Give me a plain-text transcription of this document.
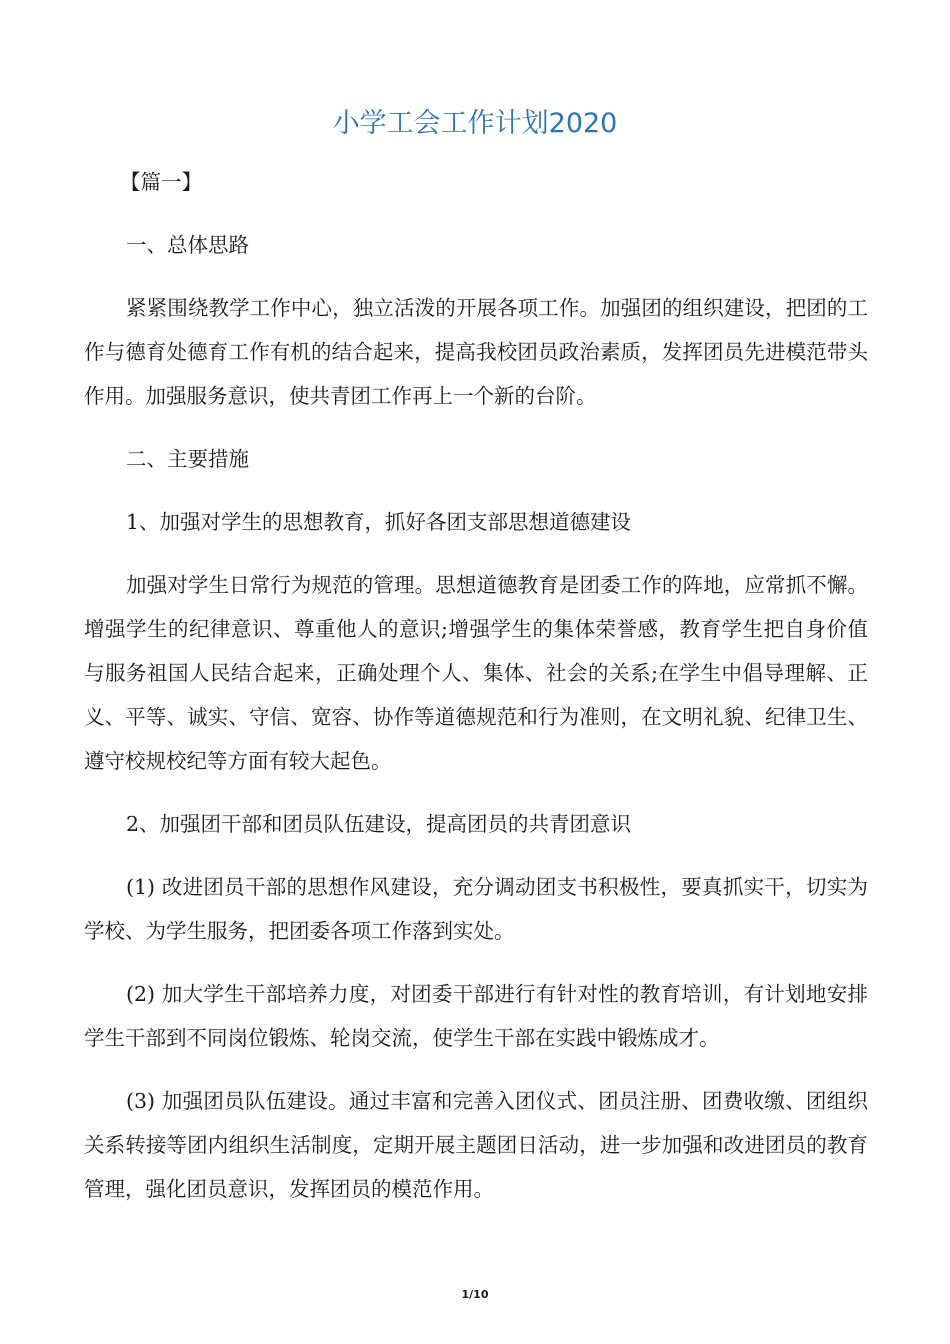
小学工会工作计划2020

【篇一】

一、总体思路

紧紧围绕教学工作中心，独立活泼的开展各项工作。加强团的组织建设，把团的工作与德育处德育工作有机的结合起来，提高我校团员政治素质，发挥团员先进模范带头作用。加强服务意识，使共青团工作再上一个新的台阶。

二、主要措施

1、加强对学生的思想教育，抓好各团支部思想道德建设

加强对学生日常行为规范的管理。思想道德教育是团委工作的阵地，应常抓不懈。增强学生的纪律意识、尊重他人的意识;增强学生的集体荣誉感，教育学生把自身价值与服务祖国人民结合起来，正确处理个人、集体、社会的关系;在学生中倡导理解、正义、平等、诚实、守信、宽容、协作等道德规范和行为准则，在文明礼貌、纪律卫生、遵守校规校纪等方面有较大起色。

2、加强团干部和团员队伍建设，提高团员的共青团意识

(1) 改进团员干部的思想作风建设，充分调动团支书积极性，要真抓实干，切实为学校、为学生服务，把团委各项工作落到实处。

(2) 加大学生干部培养力度，对团委干部进行有针对性的教育培训，有计划地安排学生干部到不同岗位锻炼、轮岗交流，使学生干部在实践中锻炼成才。

(3) 加强团员队伍建设。通过丰富和完善入团仪式、团员注册、团费收缴、团组织关系转接等团内组织生活制度，定期开展主题团日活动，进一步加强和改进团员的教育管理，强化团员意识，发挥团员的模范作用。

1/10
